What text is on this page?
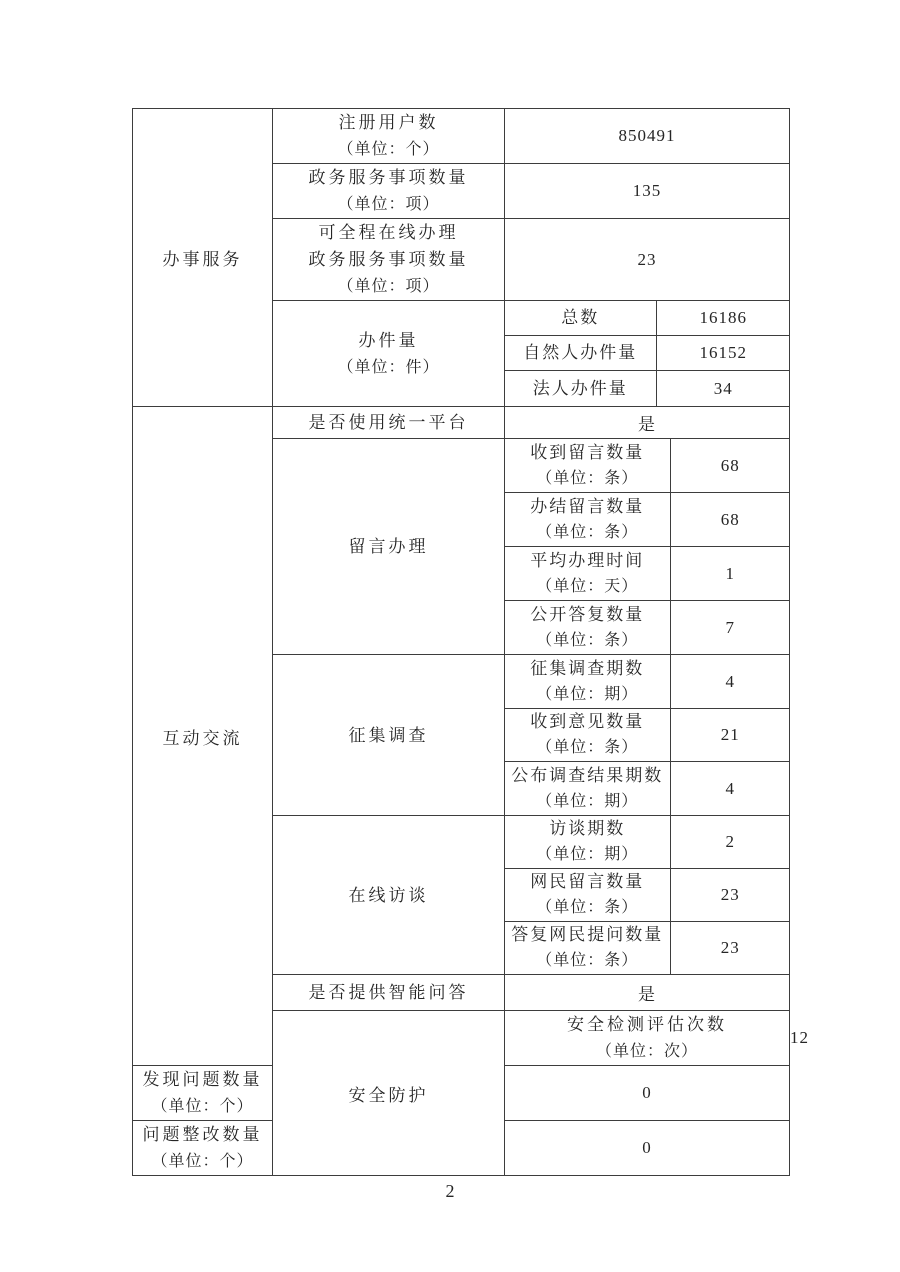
办事服务	
注册用户数
（单位：个）
	850491

政务服务事项数量
（单位：项）
	135

可全程在线办理
政务服务事项数量
（单位：项）
	23

办件量
（单位：件）

总数	16186

自然人办件量	16152

法人办件量	34

互动交流	
是否使用统一平台	是

留言办理

收到留言数量
（单位：条）
	68

办结留言数量
（单位：条）
	68

平均办理时间
（单位：天）
	1

公开答复数量
（单位：条）
	7

征集调查

征集调查期数
（单位：期）
	4

收到意见数量
（单位：条）
	21

公布调查结果期数
（单位：期）
	4

在线访谈

访谈期数
（单位：期）
	2

网民留言数量
（单位：条）
	23

答复网民提问数量
（单位：条）
	23

是否提供智能问答	是
安全防护	
安全检测评估次数
（单位：次）
	12

发现问题数量
（单位：个）
	0

问题整改数量
（单位：个）
	0
2
